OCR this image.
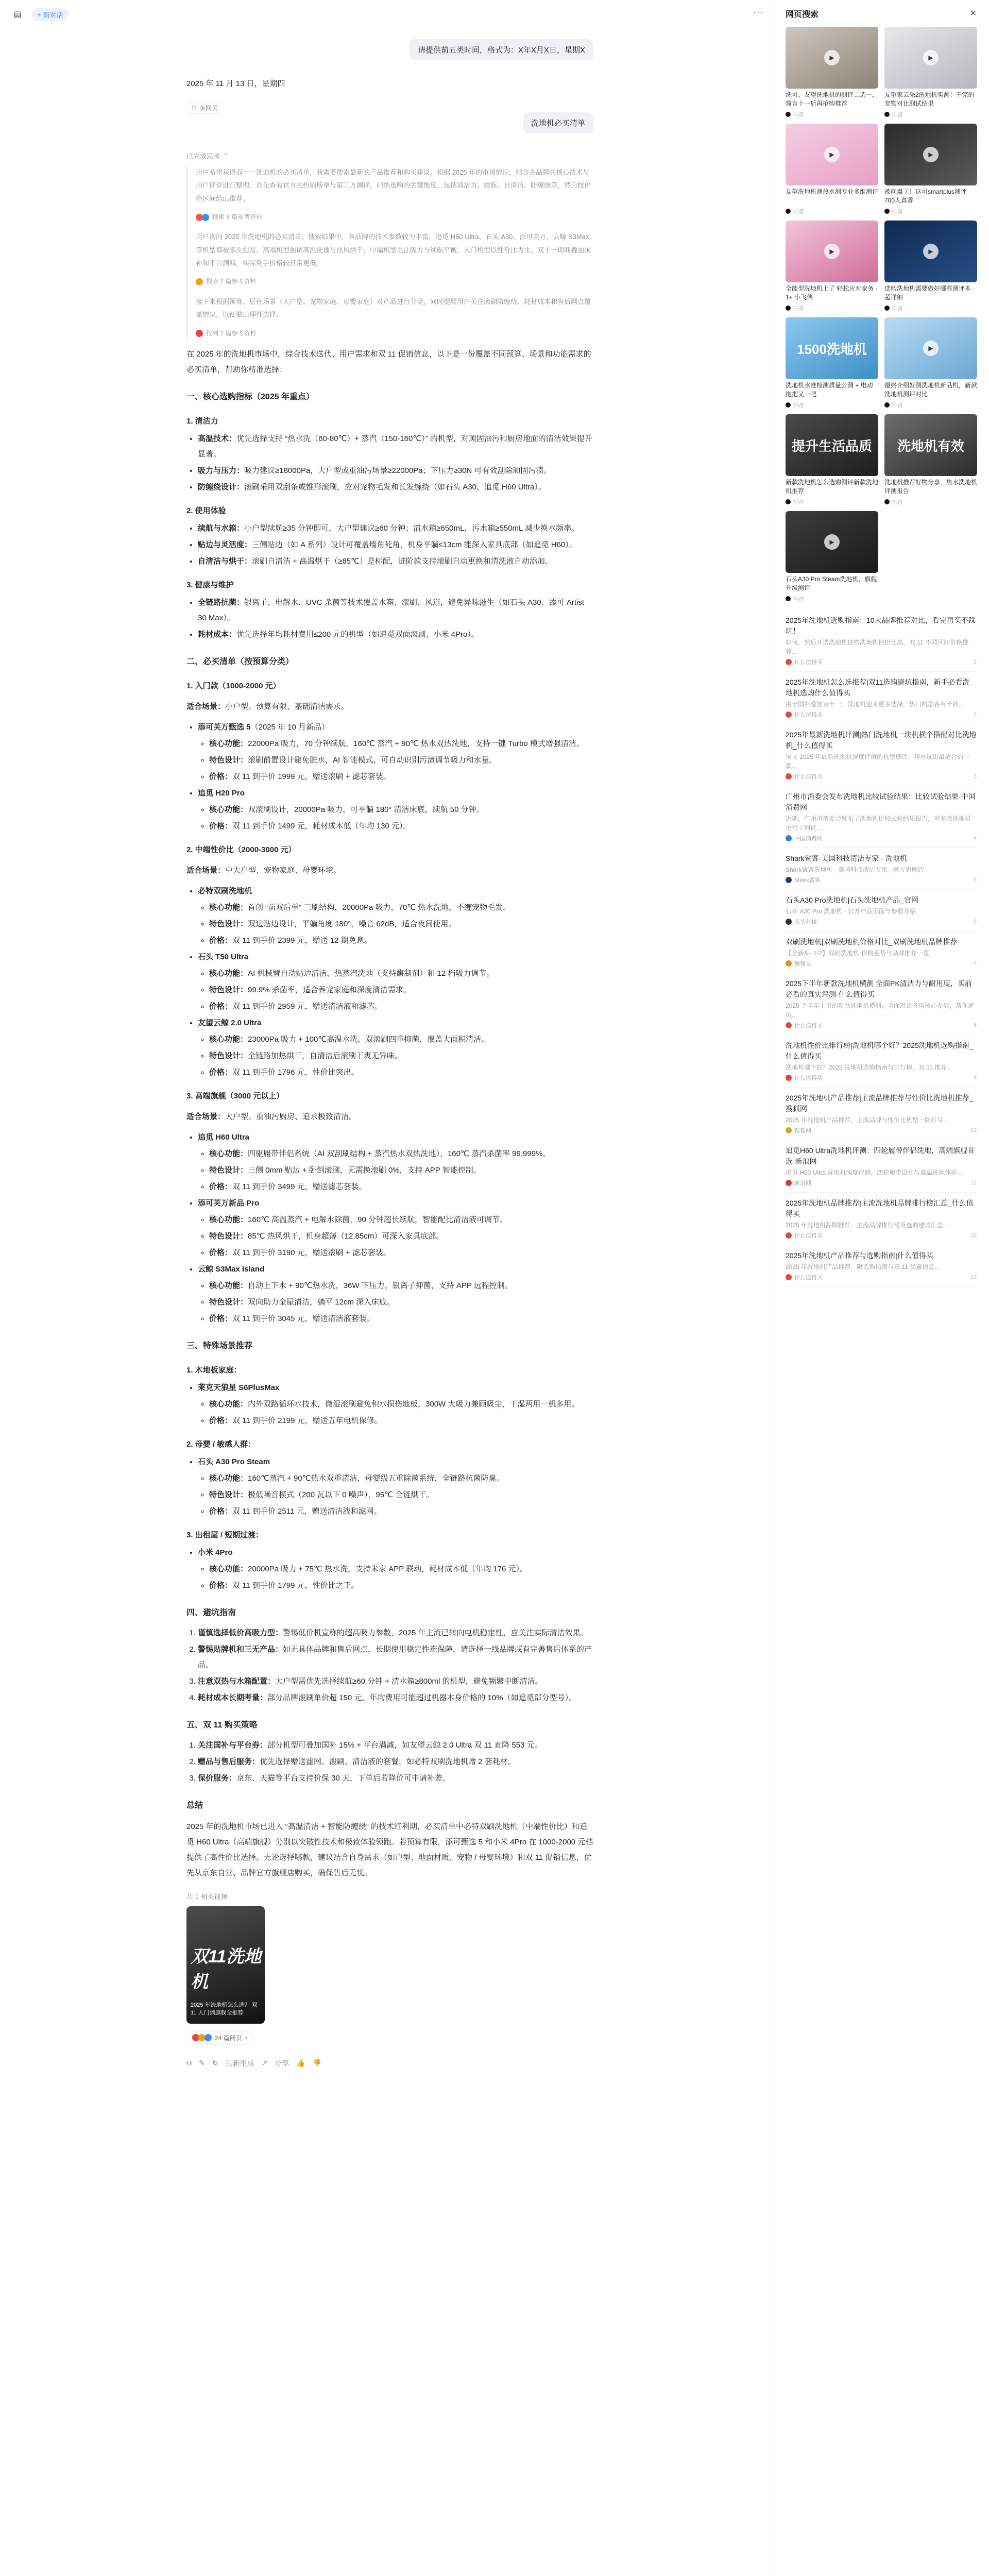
▤	+ 新对话	···
请提供前五类时间，格式为：X年X月X日，星期X
2025 年 11 月 13 日，星期四
11 条网页
洗地机必买清单
已完成思考 ⌃

用户希望获得双十一洗地机的必买清单，我需要搜索最新的产品推荐和购买建议。根据 2025 年的市场情况，结合各品牌的核心技术与用户评价进行整理。首先查看官方的热销榜单与第三方测评，归纳选购的关键维度，包括清洁力、续航、自清洁、防缠绕等，然后按价格区间给出推荐。

搜索 6 篇参考资料

用户询问 2025 年洗地机的必买清单。搜索结果中，各品牌的技术参数较为丰富，追觅 H60 Ultra、石头 A30、添可芙万、云鲸 S3Max 等机型都被多次提及。高端机型强调高温洗地与热风烘干，中端机型关注吸力与续航平衡，入门机型以性价比为主。双十一期间叠加国补和平台满减，实际到手价格较日常更低。

搜索 7 篇参考资料

接下来根据预算、居住场景（大户型、宠物家庭、母婴家庭）对产品进行分类，同时提醒用户关注滚刷防缠绕、耗材成本和售后网点覆盖情况，以便做出理性选择。

找到 7 篇参考资料

在 2025 年的洗地机市场中，综合技术迭代、用户需求和双 11 促销信息，以下是一份覆盖不同预算、场景和功能需求的必买清单，帮助你精准选择：

一、核心选购指标（2025 年重点）
1. 清洁力
• 高温技术：优先选择支持 “热水洗（60-80℃）+ 蒸汽（150-160℃）” 的机型，对顽固油污和厨房地面的清洁效果提升显著。
• 吸力与压力：吸力建议≥18000Pa，大户型或重油污场景≥22000Pa；下压力≥30N 可有效刮除顽固污渍。
• 防缠绕设计：滚刷采用双刮条或锥形滚刷，应对宠物毛发和长发缠绕（如石头 A30、追觅 H60 Ultra）。
2. 使用体验
• 续航与水箱：小户型续航≥35 分钟即可，大户型建议≥60 分钟；清水箱≥650mL，污水箱≥550mL 减少换水频率。
• 贴边与灵活度：三侧贴边（如 A 系列）设计可覆盖墙角死角，机身平躺≤13cm 能深入家具底部（如追觅 H60）。
• 自清洁与烘干：滚刷自清洁 + 高温烘干（≥85℃）是标配，进阶款支持滚刷自动更换和清洗液自动添加。
3. 健康与维护
• 全链路抗菌：银离子、电解水、UVC 杀菌等技术覆盖水箱、滚刷、风道，避免异味滋生（如石头 A30、添可 Artist 30 Max）。
• 耗材成本：优先选择年均耗材费用≤200 元的机型（如追觅双面滚刷、小米 4Pro）。
二、必买清单（按预算分类）
1. 入门款（1000-2000 元）

适合场景：小户型、预算有限、基础清洁需求。

• 添可芙万甄选 5（2025 年 10 月新品）
◦ 核心功能：22000Pa 吸力，70 分钟续航，160℃ 蒸汽 + 90℃ 热水双热洗地，支持一键 Turbo 模式增强清洁。
◦ 特色设计：滚刷前置设计避免脏水，AI 智能模式，可自动识别污渍调节吸力和水量。
◦ 价格：双 11 到手价 1999 元，赠送滚刷 + 滤芯套装。
• 追觅 H20 Pro
◦ 核心功能：双滚刷设计，20000Pa 吸力，可平躺 180° 清洁床底，续航 50 分钟。
◦ 价格：双 11 到手价 1499 元，耗材成本低（年均 130 元）。
2. 中端性价比（2000-3000 元）

适合场景：中大户型、宠物家庭、母婴环境。

• 必特双刷洗地机
◦ 核心功能：首创 “前双后单” 三刷结构，20000Pa 吸力，70℃ 热水洗地，不缠宠物毛发。
◦ 特色设计：双边贴边设计，平躺角度 180°，噪音 62dB，适合夜间使用。
◦ 价格：双 11 到手价 2399 元，赠送 12 期免息。
• 石头 T50 Ultra
◦ 核心功能：AI 机械臂自动贴边清洁，热蒸汽洗地（支持酶制剂）和 12 档吸力调节。
◦ 特色设计：99.9% 杀菌率，适合养宠家庭和深度清洁需求。
◦ 价格：双 11 到手价 2959 元，赠送清洁液和滤芯。
• 友望云鲸 2.0 Ultra
◦ 核心功能：23000Pa 吸力 + 100℃高温水洗，双滚刷四重抑菌，覆盖大面积清洁。
◦ 特色设计：全链路加热烘干，自清洁后滚刷干爽无异味。
◦ 价格：双 11 到手价 1796 元，性价比突出。
3. 高端旗舰（3000 元以上）

适合场景：大户型、重油污厨房、追求极致清洁。

• 追觅 H60 Ultra
◦ 核心功能：四驱履带伴侣系统（AI 双刮刷结构 + 蒸汽热水双热洗地），160℃ 蒸汽杀菌率 99.999%。
◦ 特色设计：三侧 0mm 贴边 + 卧倒滚刷，无需换滚刷 0%，支持 APP 智能控制。
◦ 价格：双 11 到手价 3499 元，赠送滤芯套装。
• 添可芙万新品 Pro
◦ 核心功能：160℃ 高温蒸汽 + 电解水除菌，90 分钟超长续航，智能配比清洁液可调节。
◦ 特色设计：85℃ 热风烘干，机身超薄（12.85cm）可深入家具底部。
◦ 价格：双 11 到手价 3190 元，赠送滚刷 + 滤芯套装。
• 云鲸 S3Max Island
◦ 核心功能：自动上下水 + 90℃热水洗，36W 下压力，银离子抑菌，支持 APP 远程控制。
◦ 特色设计：双向助力全屋清洁，躺平 12cm 深入床底。
◦ 价格：双 11 到手价 3045 元，赠送清洁液套装。
三、特殊场景推荐
1. 木地板家庭：
• 莱克天狼星 S6PlusMax
◦ 核心功能：内外双路循环水技术，微湿滚刷避免积水损伤地板，300W 大吸力兼顾吸尘，干湿两用一机多用。
◦ 价格：双 11 到手价 2199 元，赠送五年电机保修。
2. 母婴 / 敏感人群：
• 石头 A30 Pro Steam
◦ 核心功能：160℃蒸汽 + 90℃热水双重清洁，母婴级五重除菌系统，全链路抗菌防臭。
◦ 特色设计：极低噪音模式（200 瓦以下 0 噪声），95℃ 全链烘干。
◦ 价格：双 11 到手价 2511 元，赠送清洁液和滤网。
3. 出租屋 / 短期过渡：
• 小米 4Pro
◦ 核心功能：20000Pa 吸力 + 75℃ 热水洗，支持米家 APP 联动，耗材成本低（年均 176 元）。
◦ 价格：双 11 到手价 1799 元，性价比之王。
四、避坑指南
1. 谨慎选择低价高吸力型：警惕低价机宣称的超高吸力参数，2025 年主流已转向电机稳定性，应关注实际清洁效果。
2. 警惕贴牌机和三无产品：如无具体品牌和售后网点，长期使用稳定性难保障，请选择一线品牌或有完善售后体系的产品。
3. 注意双热与水箱配置：大户型需优先选择续航≥60 分钟 + 清水箱≥800ml 的机型，避免频繁中断清洁。
4. 耗材成本长期考量：部分品牌滚刷单价超 150 元，年均费用可能超过机器本身价格的 10%（如追觅部分型号）。
五、双 11 购买策略
1. 关注国补与平台券：部分机型可叠加国补 15% + 平台满减，如友望云鲸 2.0 Ultra 双 11 直降 553 元。
2. 赠品与售后服务：优先选择赠送滤网、滚刷、清洁液的套餐，如必特双刷洗地机赠 2 套耗材。
3. 保价服务：京东、天猫等平台支持价保 30 天，下单后若降价可申请补差。
总结

2025 年的洗地机市场已进入 “高温清洁 + 智能防缠绕” 的技术红利期，必买清单中必特双刷洗地机（中端性价比）和追觅 H60 Ultra（高端旗舰）分别以突破性技术和极致体验领跑。若预算有限，添可甄选 5 和小米 4Pro 在 1000-2000 元档提供了高性价比选择。无论选择哪款，建议结合自身需求（如户型、地面材质、宠物 / 母婴环境）和双 11 促销信息，优先从京东自营、品牌官方旗舰店购买，确保售后无忧。

共 1 相关视频
双11洗地机
2025 年洗地机怎么选？ 双 11 入门到旗舰全推荐
24 篇网页 ›
⧉ ✎ ↻ 重新生成 ↗ 分享 👍 👎
网页搜索	✕
▶
洗可、友望洗地机的测评二选一，简言十一后再抢购推荐
抖音
▶
友望家云采2洗地机实测！干完的宠物对比测试结果
抖音
▶
友望洗地机测热水测专业多维测评
抖音
▶
被问爆了！这可smartplus测评700人真香
抖音
▶
全能型洗地机上了 轻松应对家务 · 1+ 小飞侠
抖音
▶
选购洗地机需要做好哪些测评本 · 超详细
抖音
1500洗地机
洗地机水准检测质量公测 + 电动拖把又一吧
抖音
▶
最终介绍好测洗地机新品机，新款洗地机测评对比
抖音
提升生活品质
新款洗地机怎么选购测评新款洗地机推荐
抖音
洗地机有效
洗地机推荐好物分享，热水洗地机评测报告
抖音
▶
石头A30 Pro Steam洗地机，旗舰升级测评
抖音
2025年洗地机选购指南：10大品牌推荐对比，看完再买不踩坑！
如何，然后开选洗地机这些洗地机性价比高，双 11 不同区间价格推荐...
什么值得买	1
2025年洗地机怎么选推荐|双11选购避坑指南，新手必看洗地机选购什么值得买
由于国补叠加双十一，洗地机迎来更多选择，热门机型各有千秋...
什么值得买	2
2025年最新洗地机评测|热门洗地机一块机横个搭配对比洗地机_什么值得买
该文 2025 年最新洗地机深度评测的机型横评，帮你选出最适合的一款...
什么值得买	3
广州市消委会发布洗地机比较试验结果：比较试验结果·中国消费网
近期，广州市消委会发布了洗地机比较试验结果报告，对多款洗地机进行了测试...
中国消费网	4
Shark鲨客-美国科技清洁专家 - 洗地机
Shark鲨客洗地机 · 美国科技清洁专家 · 官方旗舰店
Shark鲨客	5
石头A30 Pro洗地机|石头洗地机产品_官网
石头 A30 Pro 洗地机 · 官方产品页面与参数介绍
石头科技	6
双刷洗地机|双刷洗地机价格对比_双刷洗地机品牌推荐
【全新A+ 1/2】双刷洗地机·价格走势与品牌推荐一览
慢慢买	7
2025下半年新款洗地机横测 全面PK清洁力与耐用度，买前必看的真实评测-什么值得买
2025 下半年上市的新款洗地机横测，全面对比各项核心参数，帮你避坑...
什么值得买	8
洗地机性价比排行榜|洗地机哪个好？2025洗地机选购指南_什么值得买
洗地机哪个好？2025 洗地机选购指南与排行榜，双 11 推荐...
什么值得买	9
2025年洗地机产品推荐|主流品牌推荐与性价比洗地机推荐_搜狐网
2025 年洗地机产品推荐，主流品牌与性价比机型一网打尽...
搜狐网	10
追觅H60 Ultra洗地机评测：四轮履带伴侣洗地，高端旗舰首选·新浪网
追觅 H60 Ultra 洗地机深度评测，四轮履带设计与高温洗地体验...
新浪网	11
2025年洗地机品牌推荐|主流洗地机品牌排行榜汇总_什么值得买
2025 年洗地机品牌推荐，主流品牌排行榜及选购建议汇总...
什么值得买	12
2025年洗地机产品推荐与选购指南|什么值得买
2025 年洗地机产品推荐，附选购指南与双 11 优惠信息...
什么值得买	13
